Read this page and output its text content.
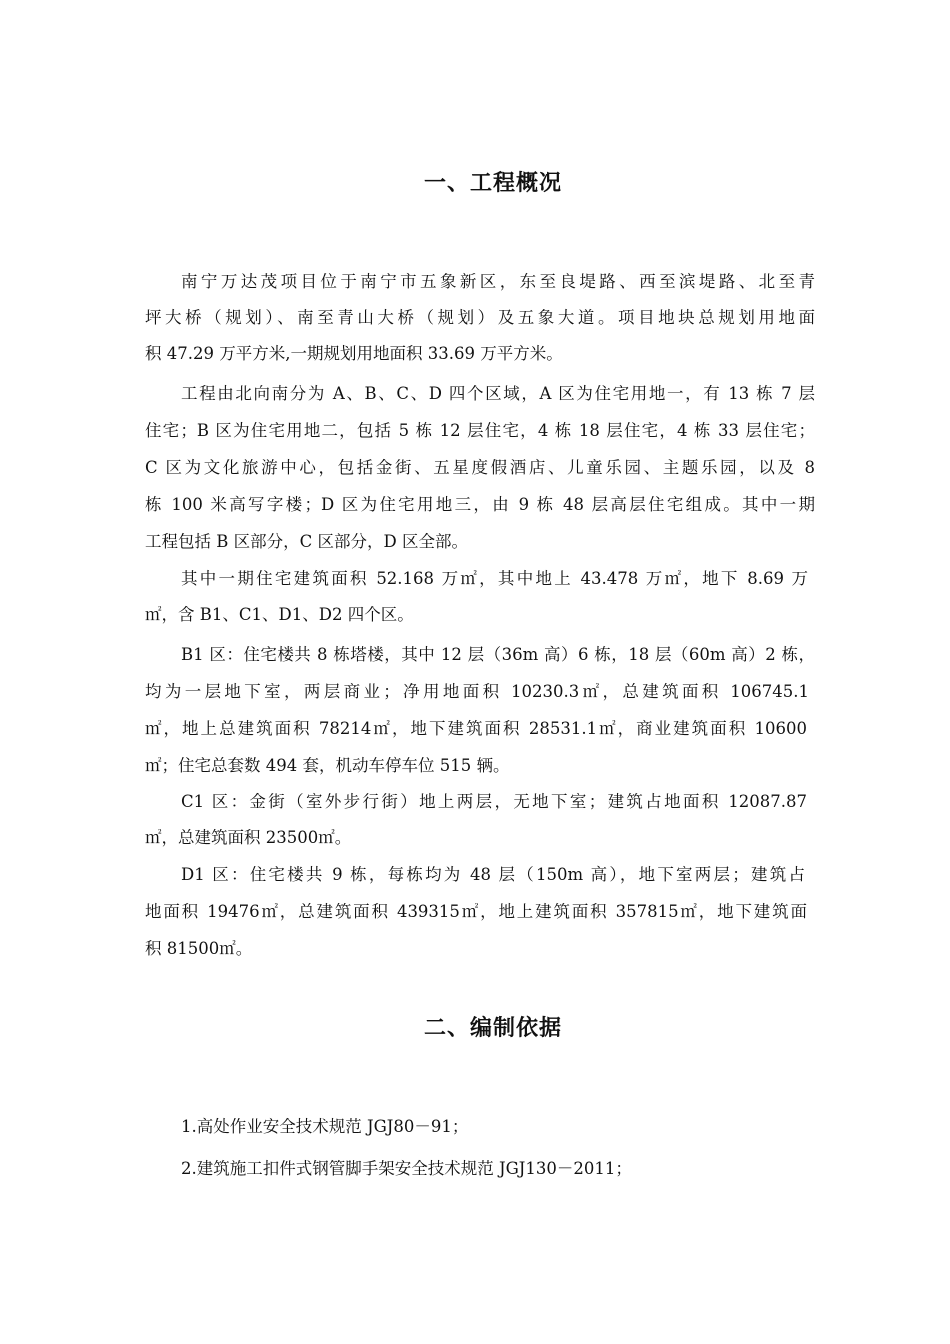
一、工程概况
南宁万达茂项目位于南宁市五象新区，东至良堤路、西至滨堤路、北至青
坪大桥（规划）、南至青山大桥（规划）及五象大道。项目地块总规划用地面
积 47.29 万平方米,一期规划用地面积 33.69 万平方米。
工程由北向南分为 A、B、C、D 四个区域，A 区为住宅用地一，有 13 栋 7 层
住宅；B 区为住宅用地二，包括 5 栋 12 层住宅，4 栋 18 层住宅，4 栋 33 层住宅；
C 区为文化旅游中心，包括金街、五星度假酒店、儿童乐园、主题乐园，以及 8
栋 100 米高写字楼；D 区为住宅用地三，由 9 栋 48 层高层住宅组成。其中一期
工程包括 B 区部分，C 区部分，D 区全部。
其中一期住宅建筑面积 52.168 万㎡，其中地上 43.478 万㎡，地下 8.69 万
㎡，含 B1、C1、D1、D2 四个区。
B1 区：住宅楼共 8 栋塔楼，其中 12 层（36m 高）6 栋，18 层（60m 高）2 栋，
均为一层地下室，两层商业；净用地面积 10230.3㎡，总建筑面积 106745.1
㎡，地上总建筑面积 78214㎡，地下建筑面积 28531.1㎡，商业建筑面积 10600
㎡；住宅总套数 494 套，机动车停车位 515 辆。
C1 区：金街（室外步行街）地上两层，无地下室；建筑占地面积 12087.87
㎡，总建筑面积 23500㎡。
D1 区：住宅楼共 9 栋，每栋均为 48 层（150m 高），地下室两层；建筑占
地面积 19476㎡，总建筑面积 439315㎡，地上建筑面积 357815㎡，地下建筑面
积 81500㎡。
二、编制依据
1.高处作业安全技术规范 JGJ80－91；
2.建筑施工扣件式钢管脚手架安全技术规范 JGJ130－2011；
